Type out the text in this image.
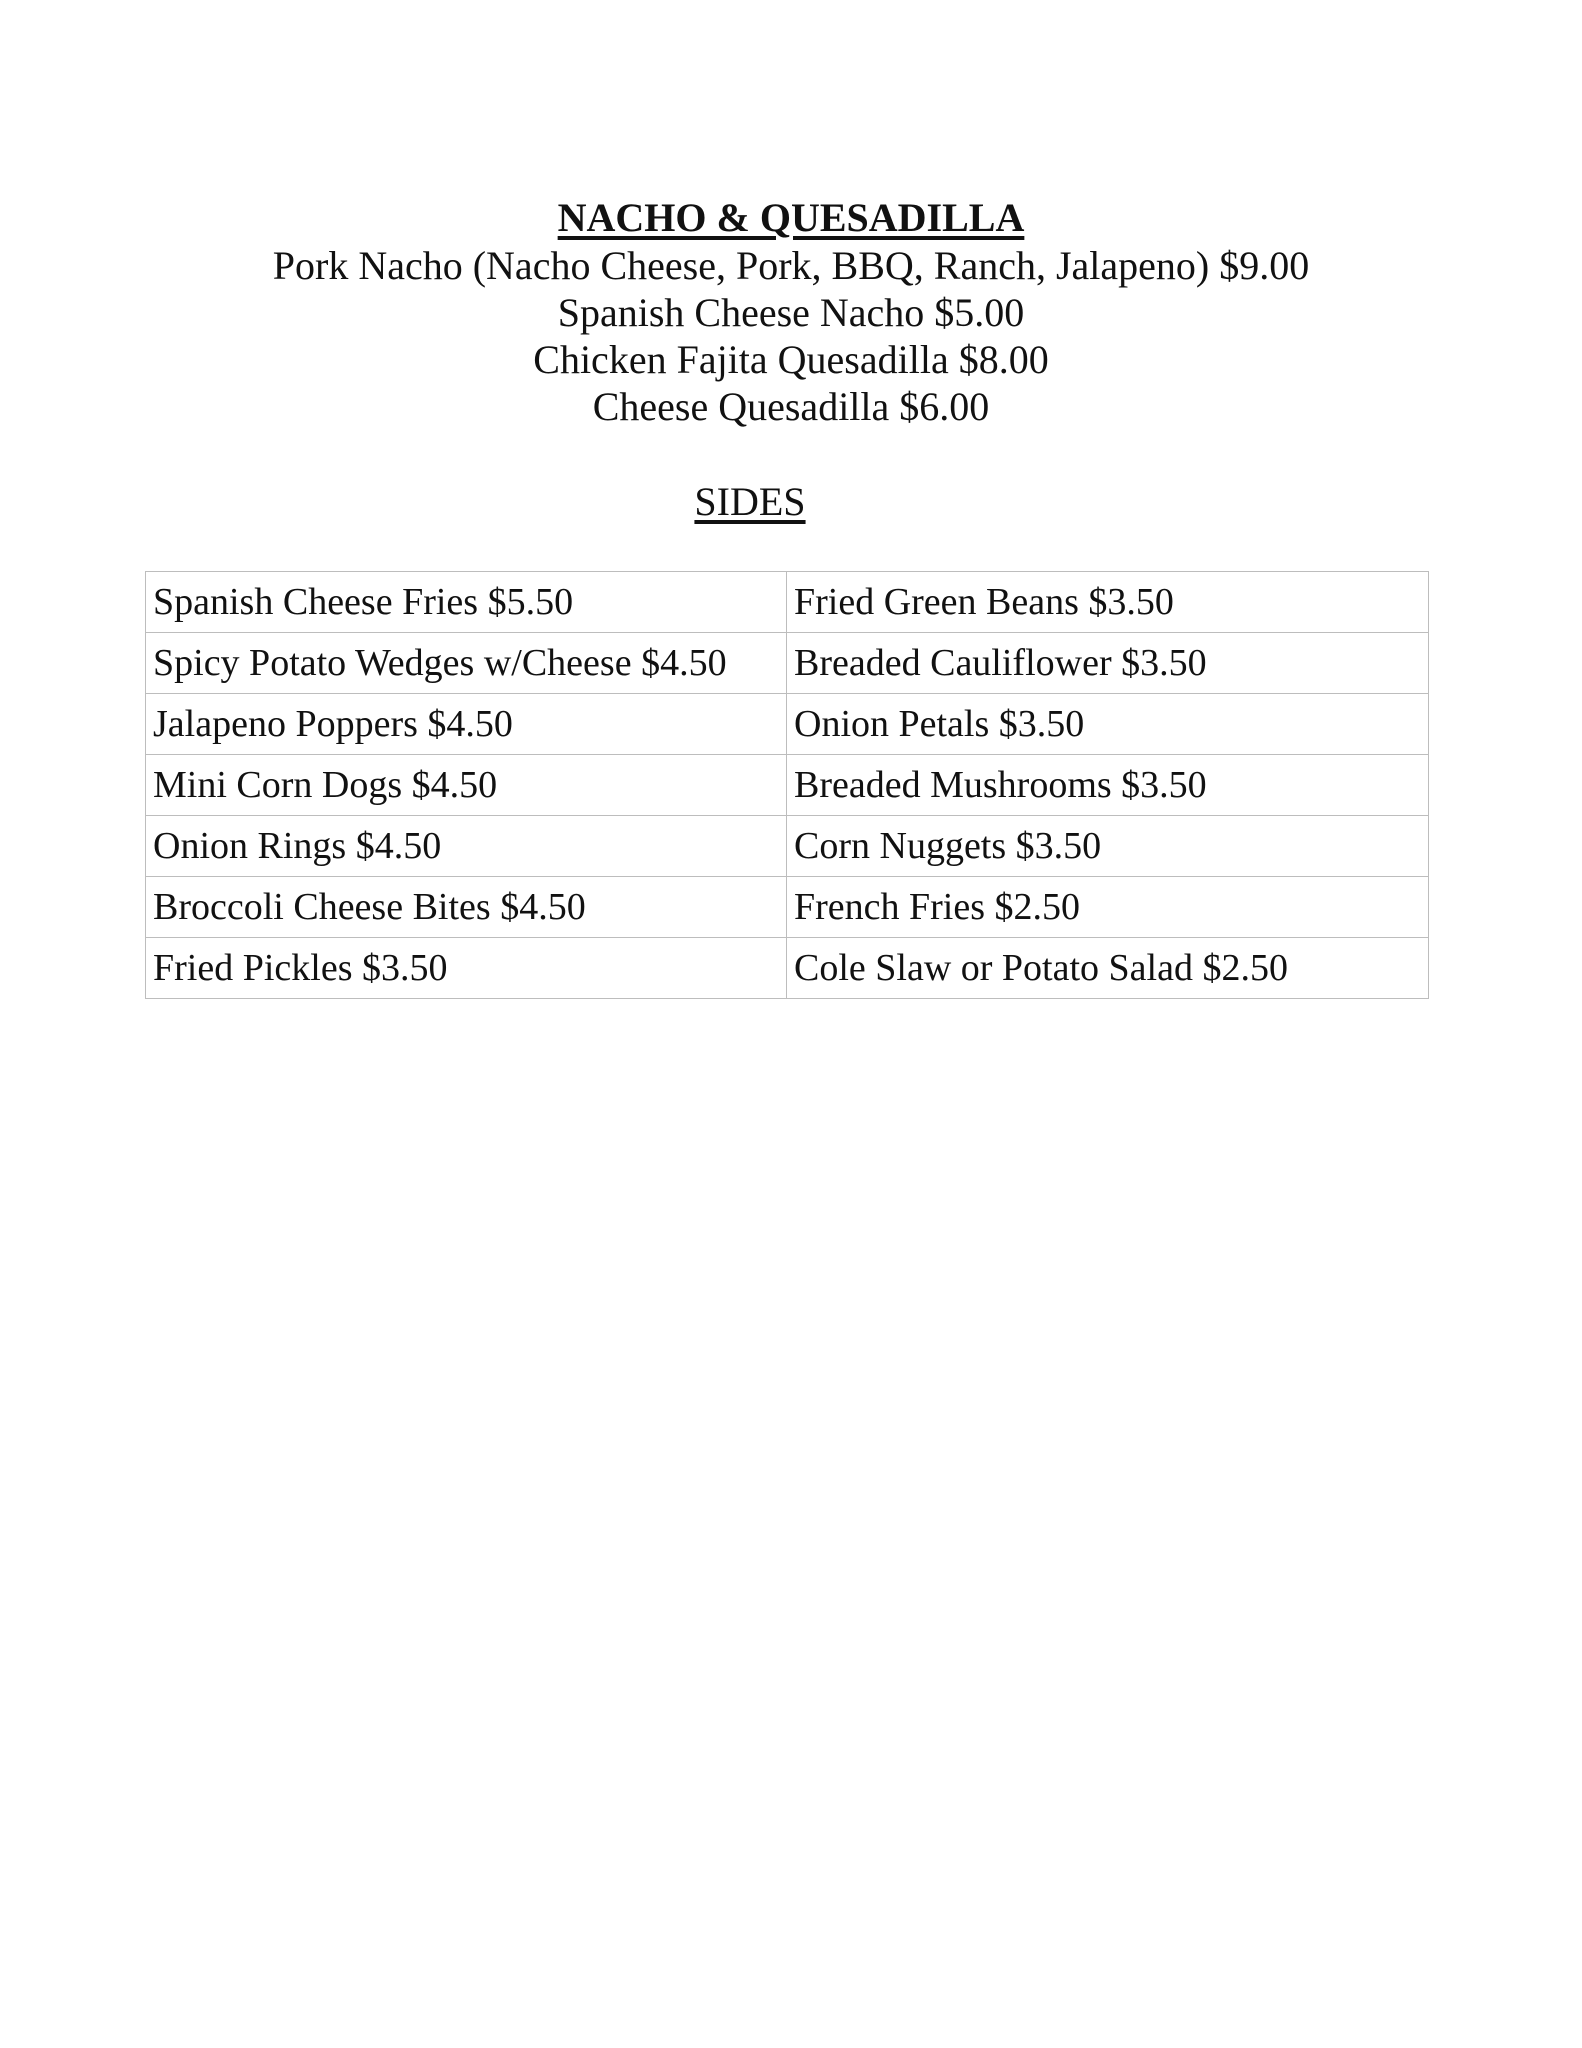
NACHO & QUESADILLA

Pork Nacho (Nacho Cheese, Pork, BBQ, Ranch, Jalapeno) $9.00

Spanish Cheese Nacho $5.00

Chicken Fajita Quesadilla $8.00

Cheese Quesadilla $6.00

SIDES

Spanish Cheese Fries $5.50	Fried Green Beans $3.50
Spicy Potato Wedges w/Cheese $4.50	Breaded Cauliflower $3.50
Jalapeno Poppers $4.50	Onion Petals $3.50
Mini Corn Dogs $4.50	Breaded Mushrooms $3.50
Onion Rings $4.50	Corn Nuggets $3.50
Broccoli Cheese Bites $4.50	French Fries $2.50
Fried Pickles $3.50	Cole Slaw or Potato Salad $2.50
